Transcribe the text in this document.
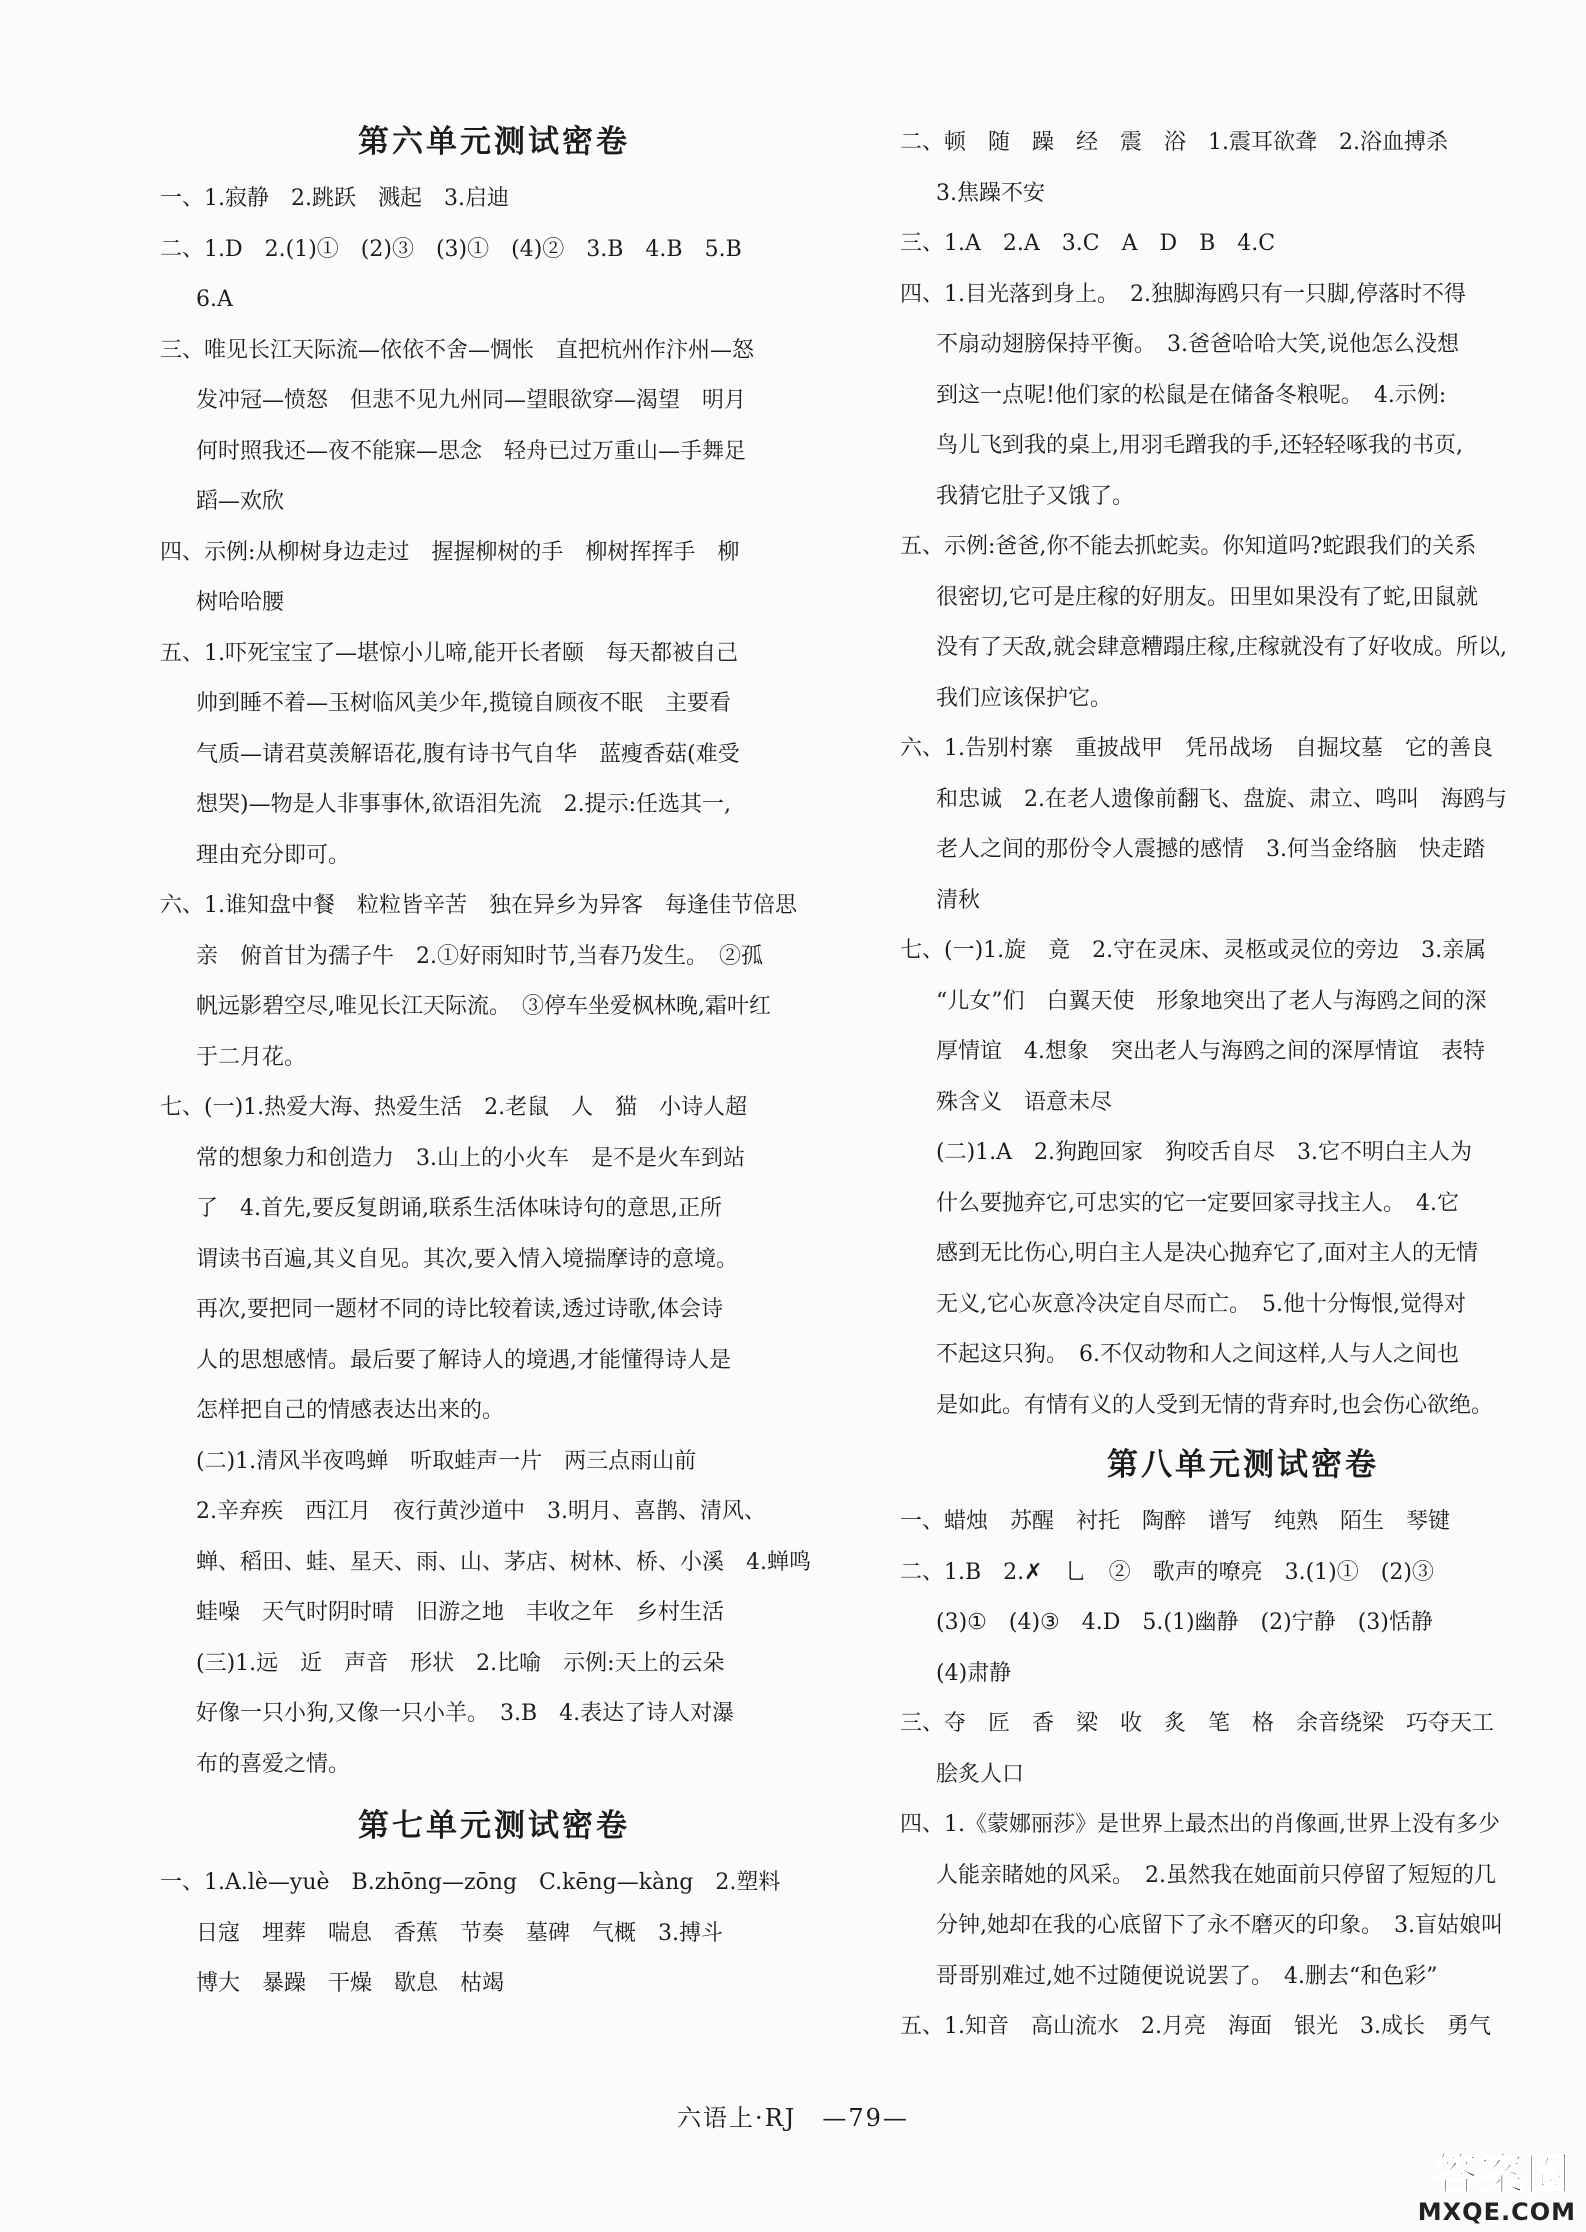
第六单元测试密卷
一、1.寂静　2.跳跃　溅起　3.启迪
二、1.D　2.(1)①　(2)③　(3)①　(4)②　3.B　4.B　5.B
6.A
三、唯见长江天际流—依依不舍—惆怅　直把杭州作汴州—怒
发冲冠—愤怒　但悲不见九州同—望眼欲穿—渴望　明月
何时照我还—夜不能寐—思念　轻舟已过万重山—手舞足
蹈—欢欣
四、示例:从柳树身边走过　握握柳树的手　柳树挥挥手　柳
树哈哈腰
五、1.吓死宝宝了—堪惊小儿啼,能开长者颐　每天都被自己
帅到睡不着—玉树临风美少年,揽镜自顾夜不眠　主要看
气质—请君莫羡解语花,腹有诗书气自华　蓝瘦香菇(难受
想哭)—物是人非事事休,欲语泪先流　2.提示:任选其一,
理由充分即可。
六、1.谁知盘中餐　粒粒皆辛苦　独在异乡为异客　每逢佳节倍思
亲　俯首甘为孺子牛　2.①好雨知时节,当春乃发生。　②孤
帆远影碧空尽,唯见长江天际流。　③停车坐爱枫林晚,霜叶红
于二月花。
七、(一)1.热爱大海、热爱生活　2.老鼠　人　猫　小诗人超
常的想象力和创造力　3.山上的小火车　是不是火车到站
了　4.首先,要反复朗诵,联系生活体味诗句的意思,正所
谓读书百遍,其义自见。其次,要入情入境揣摩诗的意境。
再次,要把同一题材不同的诗比较着读,透过诗歌,体会诗
人的思想感情。最后要了解诗人的境遇,才能懂得诗人是
怎样把自己的情感表达出来的。
(二)1.清风半夜鸣蝉　听取蛙声一片　两三点雨山前
2.辛弃疾　西江月　夜行黄沙道中　3.明月、喜鹊、清风、
蝉、稻田、蛙、星天、雨、山、茅店、树林、桥、小溪　4.蝉鸣
蛙噪　天气时阴时晴　旧游之地　丰收之年　乡村生活
(三)1.远　近　声音　形状　2.比喻　示例:天上的云朵
好像一只小狗,又像一只小羊。　3.B　4.表达了诗人对瀑
布的喜爱之情。
第七单元测试密卷
一、1.A.lè—yuè　B.zhōng—zōng　C.kēng—kàng　2.塑料
日寇　埋葬　喘息　香蕉　节奏　墓碑　气概　3.搏斗
博大　暴躁　干燥　歇息　枯竭
二、顿　随　躁　经　震　浴　1.震耳欲聋　2.浴血搏杀
3.焦躁不安
三、1.A　2.A　3.C　A　D　B　4.C
四、1.目光落到身上。　2.独脚海鸥只有一只脚,停落时不得
不扇动翅膀保持平衡。　3.爸爸哈哈大笑,说他怎么没想
到这一点呢!他们家的松鼠是在储备冬粮呢。　4.示例:
鸟儿飞到我的桌上,用羽毛蹭我的手,还轻轻啄我的书页,
我猜它肚子又饿了。
五、示例:爸爸,你不能去抓蛇卖。你知道吗?蛇跟我们的关系
很密切,它可是庄稼的好朋友。田里如果没有了蛇,田鼠就
没有了天敌,就会肆意糟蹋庄稼,庄稼就没有了好收成。所以,
我们应该保护它。
六、1.告别村寨　重披战甲　凭吊战场　自掘坟墓　它的善良
和忠诚　2.在老人遗像前翻飞、盘旋、肃立、鸣叫　海鸥与
老人之间的那份令人震撼的感情　3.何当金络脑　快走踏
清秋
七、(一)1.旋　竟　2.守在灵床、灵柩或灵位的旁边　3.亲属
“儿女”们　白翼天使　形象地突出了老人与海鸥之间的深
厚情谊　4.想象　突出老人与海鸥之间的深厚情谊　表特
殊含义　语意未尽
(二)1.A　2.狗跑回家　狗咬舌自尽　3.它不明白主人为
什么要抛弃它,可忠实的它一定要回家寻找主人。　4.它
感到无比伤心,明白主人是决心抛弃它了,面对主人的无情
无义,它心灰意冷决定自尽而亡。　5.他十分悔恨,觉得对
不起这只狗。　6.不仅动物和人之间这样,人与人之间也
是如此。有情有义的人受到无情的背弃时,也会伤心欲绝。
第八单元测试密卷
一、蜡烛　苏醒　衬托　陶醉　谱写　纯熟　陌生　琴键
二、1.B　2.✗　乚　②　歌声的嘹亮　3.(1)①　(2)③
(3)①　(4)③　4.D　5.(1)幽静　(2)宁静　(3)恬静
(4)肃静
三、夺　匠　香　梁　收　炙　笔　格　余音绕梁　巧夺天工
脍炙人口
四、1.《蒙娜丽莎》是世界上最杰出的肖像画,世界上没有多少
人能亲睹她的风采。　2.虽然我在她面前只停留了短短的几
分钟,她却在我的心底留下了永不磨灭的印象。　3.盲姑娘叫
哥哥别难过,她不过随便说说罢了。　4.删去“和色彩”
五、1.知音　高山流水　2.月亮　海面　银光　3.成长　勇气
六语上·RJ　—79—
答案圈
MXQE.COM
